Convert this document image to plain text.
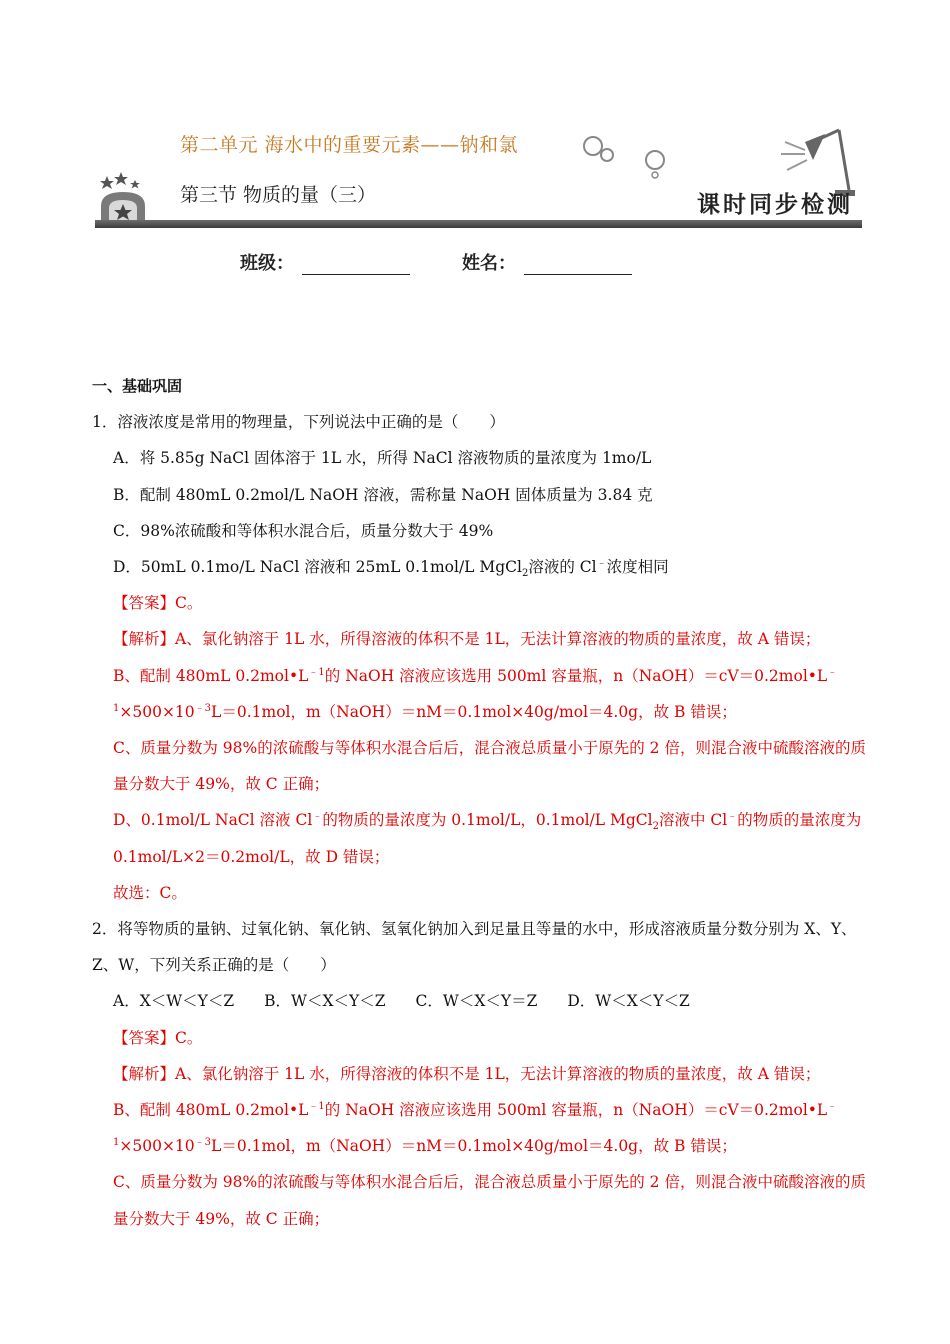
第二单元 海水中的重要元素——钠和氯
第三节 物质的量（三）	课时同步检测
班级：	姓名：
一、基础巩固

1．溶液浓度是常用的物理量，下列说法中正确的是（　　）

A．将 5.85g NaCl 固体溶于 1L 水，所得 NaCl 溶液物质的量浓度为 1mo/L

B．配制 480mL 0.2mol/L NaOH 溶液，需称量 NaOH 固体质量为 3.84 克

C．98%浓硫酸和等体积水混合后，质量分数大于 49%

D．50mL 0.1mo/L NaCl 溶液和 25mL 0.1mol/L MgCl$_2$溶液的 Cl﹣浓度相同

【答案】C。

【解析】A、氯化钠溶于 1L 水，所得溶液的体积不是 1L，无法计算溶液的物质的量浓度，故 A 错误；

B、配制 480mL $0.2mol•L^{﹣1}$的 NaOH 溶液应该选用 500ml 容量瓶，n（NaOH）＝cV＝0.2mol•L﹣

$^1\times 500\times 10^{﹣3}L=0.1mol$，m（NaOH）＝nM＝0.1mol×40g/mol＝4.0g，故 B 错误；

C、质量分数为 98%的浓硫酸与等体积水混合后后，混合液总质量小于原先的 2 倍，则混合液中硫酸溶液的质量分数大于 49%，故 C 正确；

D、0.1mol/L NaCl 溶液 Cl﹣的物质的量浓度为 0.1mol/L，0.1mol/L MgCl$_2$溶液中 Cl﹣的物质的量浓度为 0.1mol/L×2＝0.2mol/L，故 D 错误；

故选：C。

2．将等物质的量钠、过氧化钠、氧化钠、氢氧化钠加入到足量且等量的水中，形成溶液质量分数分别为 X、Y、Z、W，下列关系正确的是（　　）

A．X＜W＜Y＜Z B．W＜X＜Y＜Z C．W＜X＜Y＝Z D．W＜X＜Y＜Z

【答案】C。

【解析】A、氯化钠溶于 1L 水，所得溶液的体积不是 1L，无法计算溶液的物质的量浓度，故 A 错误；

B、配制 480mL $0.2mol•L^{﹣1}$的 NaOH 溶液应该选用 500ml 容量瓶，n（NaOH）＝cV＝0.2mol•L﹣

$^1\times 500\times 10^{﹣3}L=0.1mol$，m（NaOH）＝nM＝0.1mol×40g/mol＝4.0g，故 B 错误；

C、质量分数为 98%的浓硫酸与等体积水混合后后，混合液总质量小于原先的 2 倍，则混合液中硫酸溶液的质量分数大于 49%，故 C 正确；
